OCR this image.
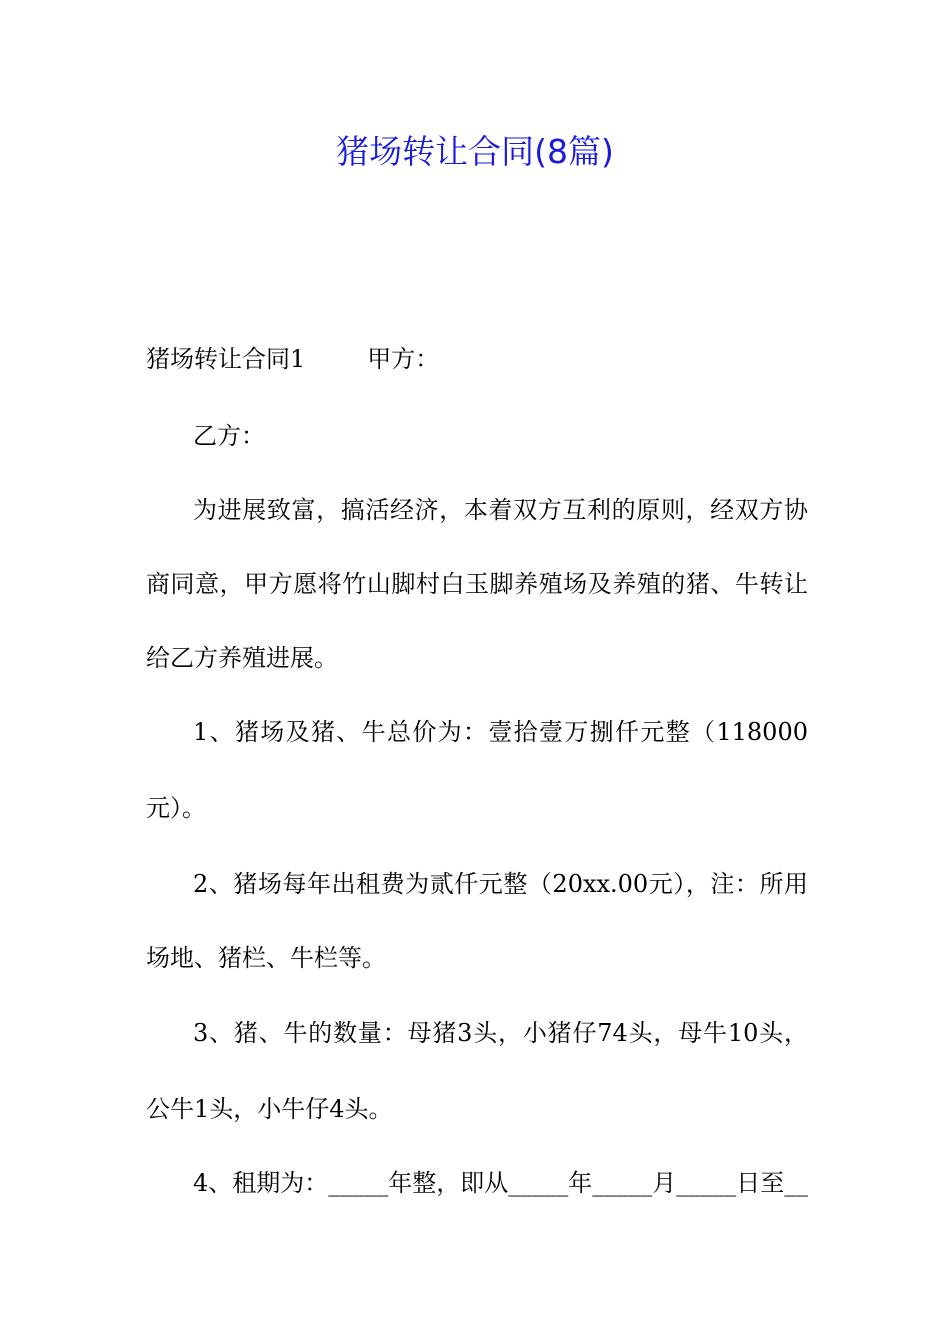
猪场转让合同(8篇)
猪场转让合同1	甲方：
乙方：
为进展致富，搞活经济，本着双方互利的原则，经双方协
商同意，甲方愿将竹山脚村白玉脚养殖场及养殖的猪、牛转让
给乙方养殖进展。
1、猪场及猪、牛总价为：壹拾壹万捌仟元整（118000
元）。
2、猪场每年出租费为贰仟元整（20xx.00元），注：所用
场地、猪栏、牛栏等。
3、猪、牛的数量：母猪3头，小猪仔74头，母牛10头，
公牛1头，小牛仔4头。
4、租期为：_____年整，即从_____年_____月_____日至__
